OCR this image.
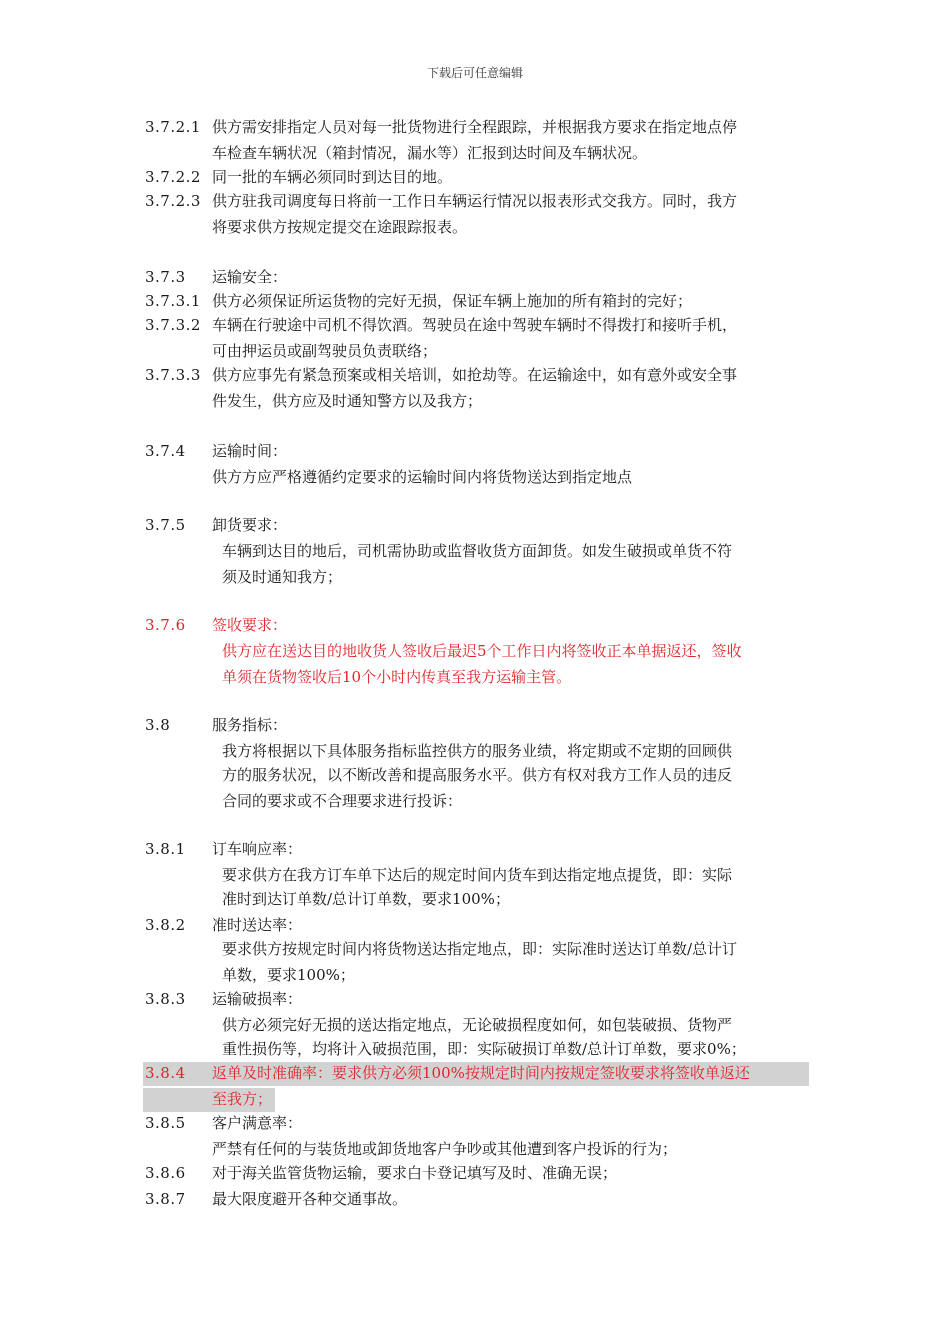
下载后可任意编辑
3.7.2.1 供方需安排指定人员对每一批货物进行全程跟踪，并根据我方要求在指定地点停
车检查车辆状况（箱封情况，漏水等）汇报到达时间及车辆状况。
3.7.2.2 同一批的车辆必须同时到达目的地。
3.7.2.3 供方驻我司调度每日将前一工作日车辆运行情况以报表形式交我方。同时，我方
将要求供方按规定提交在途跟踪报表。
3.7.3 运输安全：
3.7.3.1 供方必须保证所运货物的完好无损，保证车辆上施加的所有箱封的完好；
3.7.3.2 车辆在行驶途中司机不得饮酒。驾驶员在途中驾驶车辆时不得拨打和接听手机，
可由押运员或副驾驶员负责联络；
3.7.3.3 供方应事先有紧急预案或相关培训，如抢劫等。在运输途中，如有意外或安全事
件发生，供方应及时通知警方以及我方；
3.7.4 运输时间：
供方方应严格遵循约定要求的运输时间内将货物送达到指定地点
3.7.5 卸货要求：
车辆到达目的地后，司机需协助或监督收货方面卸货。如发生破损或单货不符
须及时通知我方；
3.7.6 签收要求：
供方应在送达目的地收货人签收后最迟5个工作日内将签收正本单据返还，签收
单须在货物签收后10个小时内传真至我方运输主管。
3.8	服务指标：
我方将根据以下具体服务指标监控供方的服务业绩，将定期或不定期的回顾供
方的服务状况，以不断改善和提高服务水平。供方有权对我方工作人员的违反
合同的要求或不合理要求进行投诉：
3.8.1 订车响应率：
要求供方在我方订车单下达后的规定时间内货车到达指定地点提货，即：实际
准时到达订单数/总计订单数，要求100%；
3.8.2 准时送达率：
要求供方按规定时间内将货物送达指定地点，即：实际准时送达订单数/总计订
单数，要求100%；
3.8.3 运输破损率：
供方必须完好无损的送达指定地点，无论破损程度如何，如包装破损、货物严
重性损伤等，均将计入破损范围，即：实际破损订单数/总计订单数，要求0%；
3.8.4 返单及时准确率：要求供方必须100%按规定时间内按规定签收要求将签收单返还
至我方；
3.8.5 客户满意率：
严禁有任何的与装货地或卸货地客户争吵或其他遭到客户投诉的行为；
3.8.6 对于海关监管货物运输，要求白卡登记填写及时、准确无误；
3.8.7 最大限度避开各种交通事故。
